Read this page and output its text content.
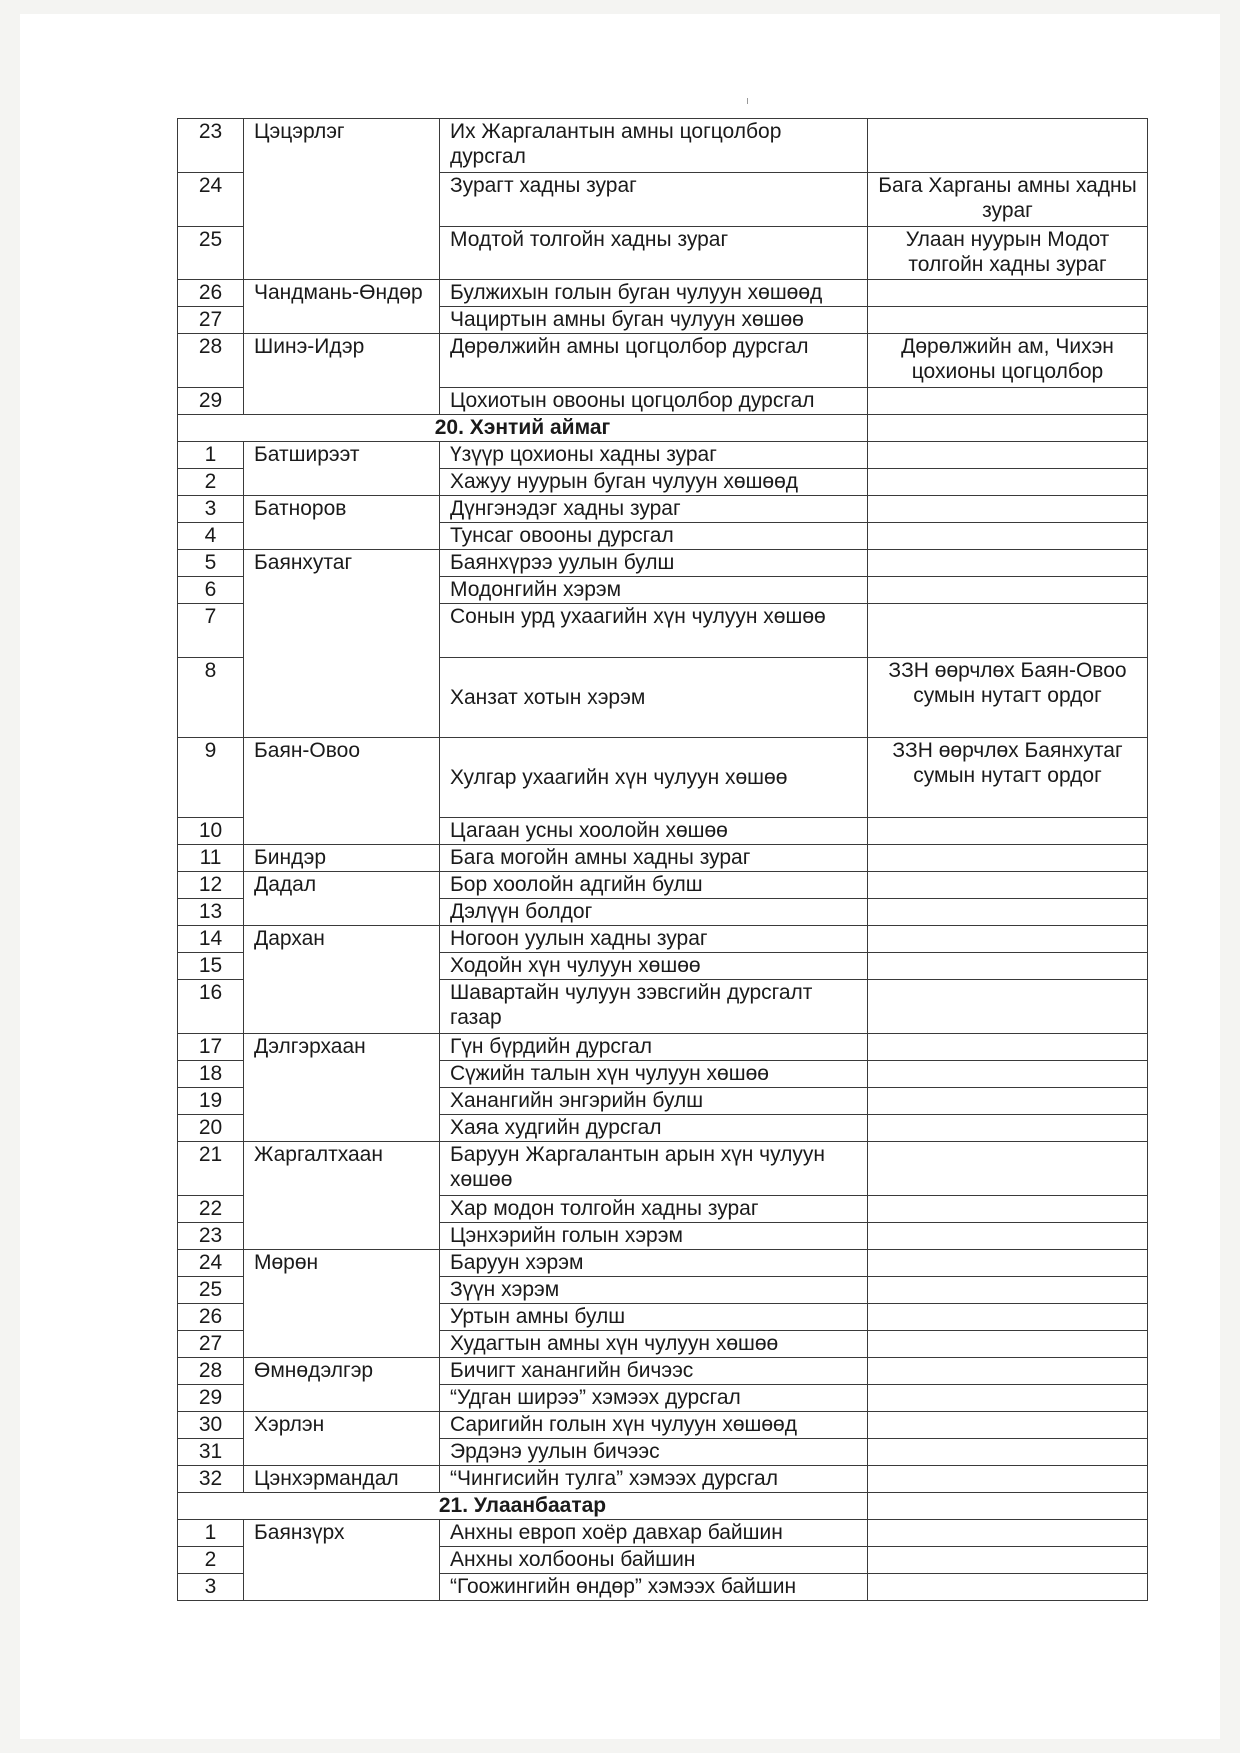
23	Цэцэрлэг	Их Жаргалантын амны цогцолбор дурсгал	
24		Зурагт хадны зураг	Бага Харганы амны хадны зураг
25		Модтой толгойн хадны зураг	Улаан нуурын Модот толгойн хадны зураг
26	Чандмань-Өндөр	Булжихын голын буган чулуун хөшөөд	
27		Чациртын амны буган чулуун хөшөө	
28	Шинэ-Идэр	Дөрөлжийн амны цогцолбор дурсгал	Дөрөлжийн ам, Чихэн цохионы цогцолбор
29		Цохиотын овооны цогцолбор дурсгал	
20. Хэнтий аймаг			
1	Батширээт	Үзүүр цохионы хадны зураг	
2		Хажуу нуурын буган чулуун хөшөөд	
3	Батноров	Дүнгэнэдэг хадны зураг	
4		Тунсаг овооны дурсгал	
5	Баянхутаг	Баянхүрээ уулын булш	
6		Модонгийн хэрэм	
7		Сонын урд ухаагийн хүн чулуун хөшөө	
8		Ханзат хотын хэрэм	ЗЗН өөрчлөх Баян-Овоо сумын нутагт ордог
9	Баян-Овоо	Хулгар ухаагийн хүн чулуун хөшөө	ЗЗН өөрчлөх Баянхутаг сумын нутагт ордог
10		Цагаан усны хоолойн хөшөө	
11	Биндэр	Бага могойн амны хадны зураг	
12	Дадал	Бор хоолойн адгийн булш	
13		Дэлүүн болдог	
14	Дархан	Ногоон уулын хадны зураг	
15		Ходойн хүн чулуун хөшөө	
16		Шавартайн чулуун зэвсгийн дурсгалт газар	
17	Дэлгэрхаан	Гүн бүрдийн дурсгал	
18		Сүжийн талын хүн чулуун хөшөө	
19		Ханангийн энгэрийн булш	
20		Хаяа худгийн дурсгал	
21	Жаргалтхаан	Баруун Жаргалантын арын хүн чулуун хөшөө	
22		Хар модон толгойн хадны зураг	
23		Цэнхэрийн голын хэрэм	
24	Мөрөн	Баруун хэрэм	
25		Зүүн хэрэм	
26		Уртын амны булш	
27		Худагтын амны хүн чулуун хөшөө	
28	Өмнөдэлгэр	Бичигт ханангийн бичээс	
29		“Удган ширээ” хэмээх дурсгал	
30	Хэрлэн	Саригийн голын хүн чулуун хөшөөд	
31		Эрдэнэ уулын бичээс	
32	Цэнхэрмандал	“Чингисийн тулга” хэмээх дурсгал	
21. Улаанбаатар			
1	Баянзүрх	Анхны европ хоёр давхар байшин	
2		Анхны холбооны байшин	
3		“Гоожингийн өндөр” хэмээх байшин	
